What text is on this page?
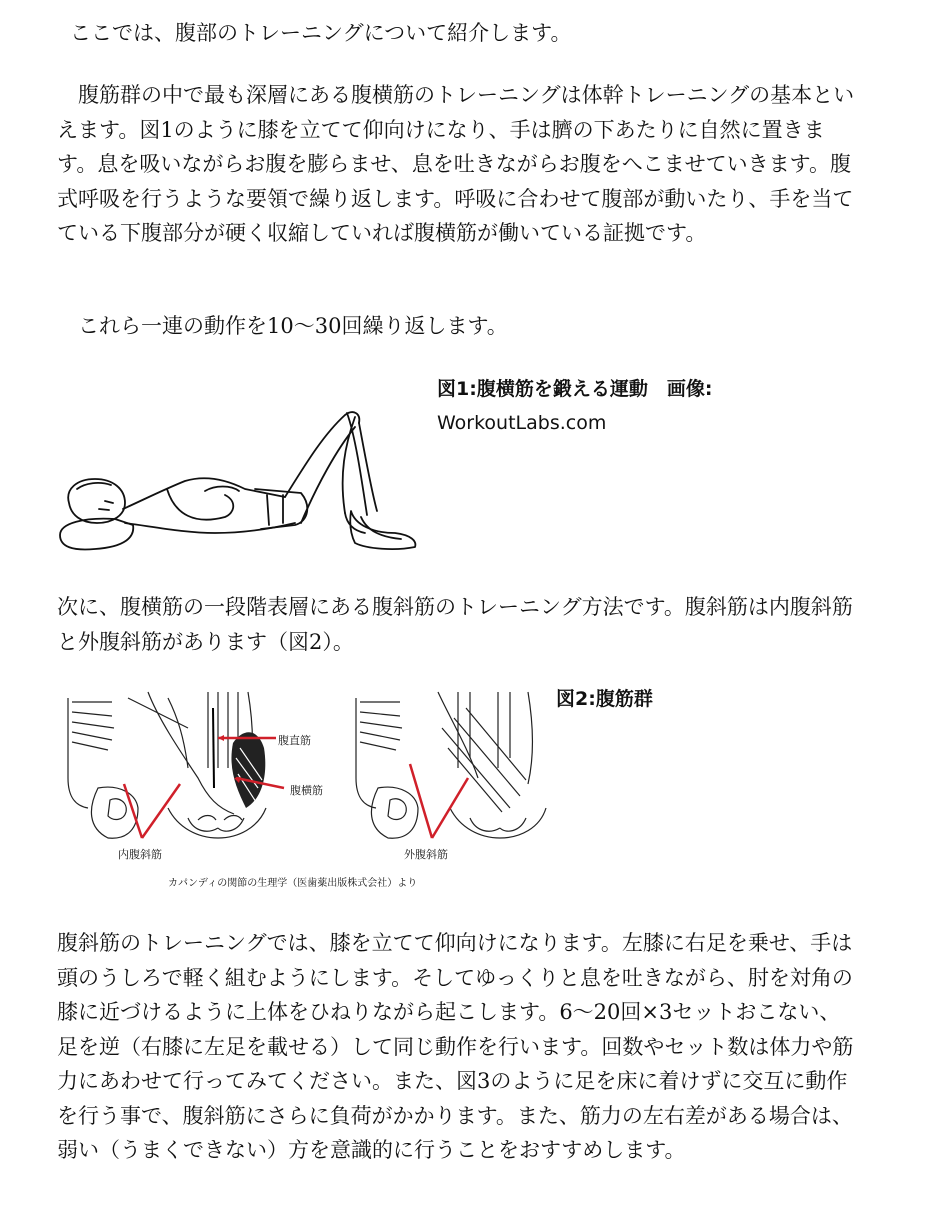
ここでは、腹部のトレーニングについて紹介します。

　腹筋群の中で最も深層にある腹横筋のトレーニングは体幹トレーニングの基本といえます。図1のように膝を立てて仰向けになり、手は臍の下あたりに自然に置きます。息を吸いながらお腹を膨らませ、息を吐きながらお腹をへこませていきます。腹式呼吸を行うような要領で繰り返します。呼吸に合わせて腹部が動いたり、手を当てている下腹部分が硬く収縮していれば腹横筋が働いている証拠です。

　これら一連の動作を10〜30回繰り返します。

図1:腹横筋を鍛える運動　画像:

WorkoutLabs.com

次に、腹横筋の一段階表層にある腹斜筋のトレーニング方法です。腹斜筋は内腹斜筋と外腹斜筋があります（図2）。

腹直筋
腹横筋
内腹斜筋	外腹斜筋
カパンディの関節の生理学（医歯薬出版株式会社）より

図2:腹筋群

腹斜筋のトレーニングでは、膝を立てて仰向けになります。左膝に右足を乗せ、手は頭のうしろで軽く組むようにします。そしてゆっくりと息を吐きながら、肘を対角の膝に近づけるように上体をひねりながら起こします。6〜20回×3セットおこない、足を逆（右膝に左足を載せる）して同じ動作を行います。回数やセット数は体力や筋力にあわせて行ってみてください。また、図3のように足を床に着けずに交互に動作を行う事で、腹斜筋にさらに負荷がかかります。また、筋力の左右差がある場合は、弱い（うまくできない）方を意識的に行うことをおすすめします。
